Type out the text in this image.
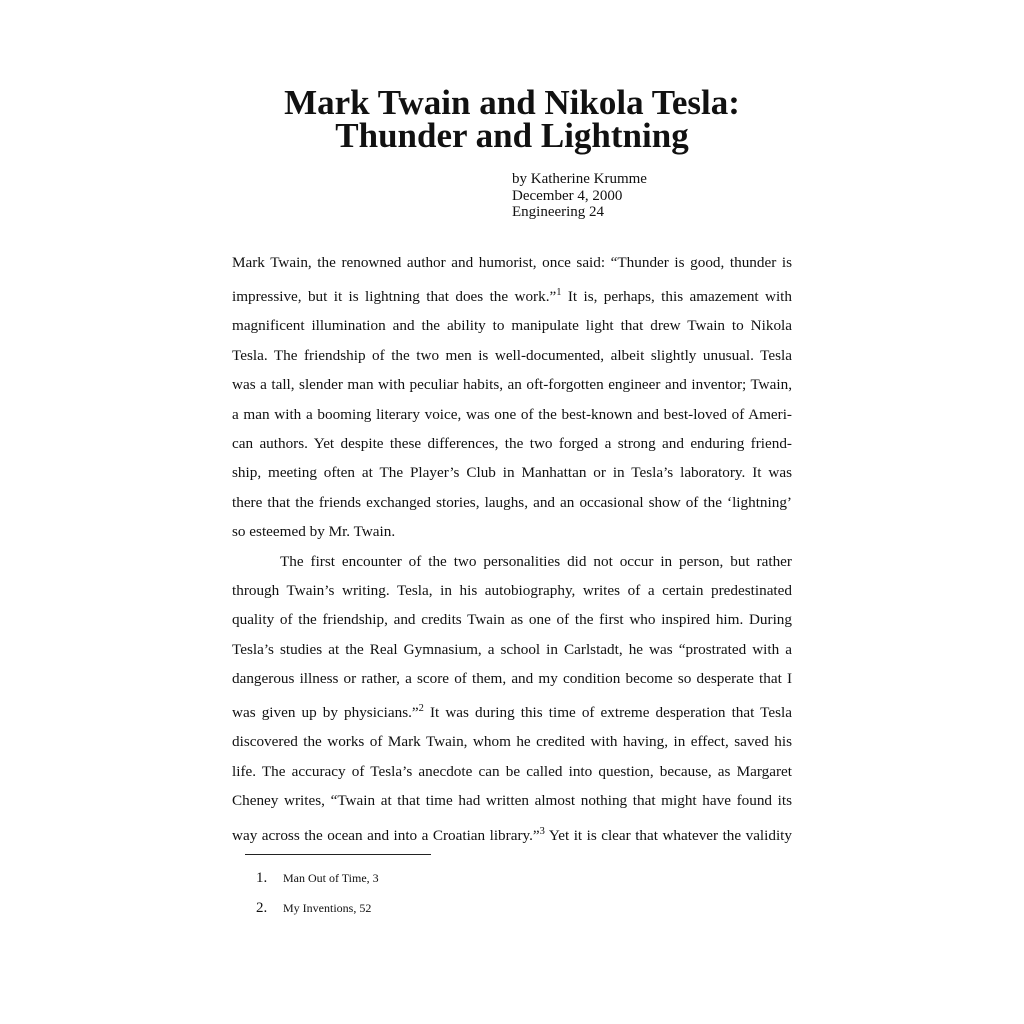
Mark Twain and Nikola Tesla:
Thunder and Lightning
by Katherine Krumme
December 4, 2000
Engineering 24
Mark Twain, the renowned author and humorist, once said: “Thunder is good, thunder is
impressive, but it is lightning that does the work.”$^1$ It is, perhaps, this amazement with
magnificent illumination and the ability to manipulate light that drew Twain to Nikola
Tesla. The friendship of the two men is well-documented, albeit slightly unusual. Tesla
was a tall, slender man with peculiar habits, an oft-forgotten engineer and inventor; Twain,
a man with a booming literary voice, was one of the best-known and best-loved of Ameri-
can authors. Yet despite these differences, the two forged a strong and enduring friend-
ship, meeting often at The Player’s Club in Manhattan or in Tesla’s laboratory. It was
there that the friends exchanged stories, laughs, and an occasional show of the ‘lightning’
so esteemed by Mr. Twain.
The first encounter of the two personalities did not occur in person, but rather
through Twain’s writing. Tesla, in his autobiography, writes of a certain predestinated
quality of the friendship, and credits Twain as one of the first who inspired him. During
Tesla’s studies at the Real Gymnasium, a school in Carlstadt, he was “prostrated with a
dangerous illness or rather, a score of them, and my condition become so desperate that I
was given up by physicians.”$^2$ It was during this time of extreme desperation that Tesla
discovered the works of Mark Twain, whom he credited with having, in effect, saved his
life. The accuracy of Tesla’s anecdote can be called into question, because, as Margaret
Cheney writes, “Twain at that time had written almost nothing that might have found its
way across the ocean and into a Croatian library.”$^3$ Yet it is clear that whatever the validity
1. Man Out of Time, 3
2. My Inventions, 52
